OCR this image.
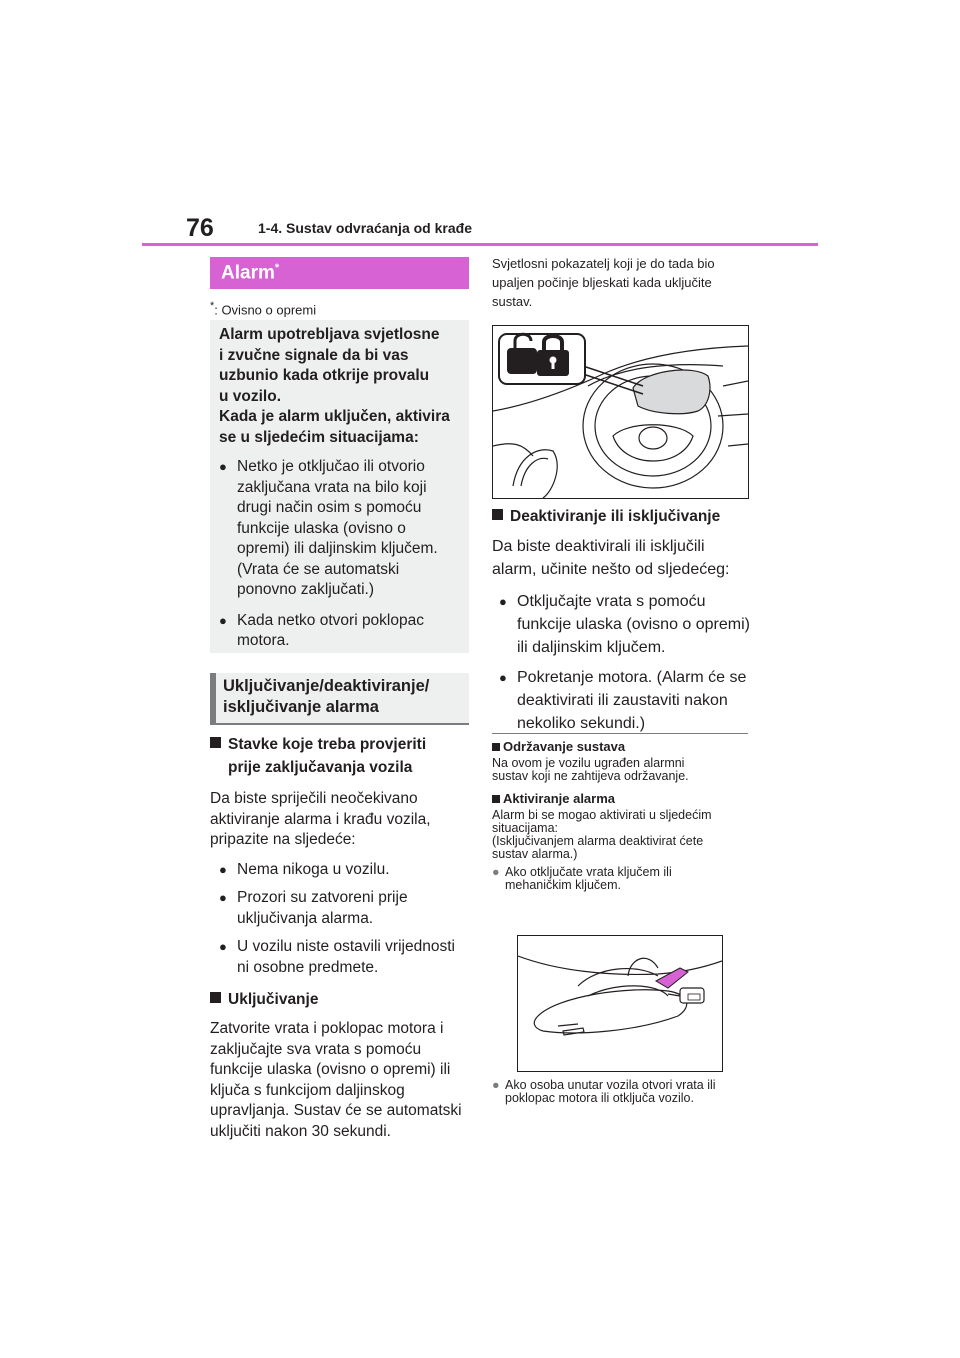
76	1-4. Sustav odvraćanja od krađe
Alarm*
*: Ovisno o opremi
Alarm upotrebljava svjetlosne
i zvučne signale da bi vas
uzbunio kada otkrije provalu
u vozilo.
Kada je alarm uključen, aktivira
se u sljedećim situacijama:
● Netko je otključao ili otvorio
zaključana vrata na bilo koji
drugi način osim s pomoću
funkcije ulaska (ovisno o
opremi) ili daljinskim ključem.
(Vrata će se automatski
ponovno zaključati.)
● Kada netko otvori poklopac
motora.
Uključivanje/deaktiviranje/
isključivanje alarma
Stavke koje treba provjeriti
prije zaključavanja vozila
Da biste spriječili neočekivano
aktiviranje alarma i krađu vozila,
pripazite na sljedeće:
● Nema nikoga u vozilu.
● Prozori su zatvoreni prije
uključivanja alarma.
● U vozilu niste ostavili vrijednosti
ni osobne predmete.
Uključivanje
Zatvorite vrata i poklopac motora i
zaključajte sva vrata s pomoću
funkcije ulaska (ovisno o opremi) ili
ključa s funkcijom daljinskog
upravljanja. Sustav će se automatski
uključiti nakon 30 sekundi.
Svjetlosni pokazatelj koji je do tada bio
upaljen počinje bljeskati kada uključite
sustav.
Deaktiviranje ili isključivanje
Da biste deaktivirali ili isključili
alarm, učinite nešto od sljedećeg:
● Otključajte vrata s pomoću
funkcije ulaska (ovisno o opremi)
ili daljinskim ključem.
● Pokretanje motora. (Alarm će se
deaktivirati ili zaustaviti nakon
nekoliko sekundi.)
Održavanje sustava
Na ovom je vozilu ugrađen alarmni
sustav koji ne zahtijeva održavanje.
Aktiviranje alarma
Alarm bi se mogao aktivirati u sljedećim
situacijama:
(Isključivanjem alarma deaktivirat ćete
sustav alarma.)
● Ako otključate vrata ključem ili
mehaničkim ključem.
● Ako osoba unutar vozila otvori vrata ili
poklopac motora ili otključa vozilo.
